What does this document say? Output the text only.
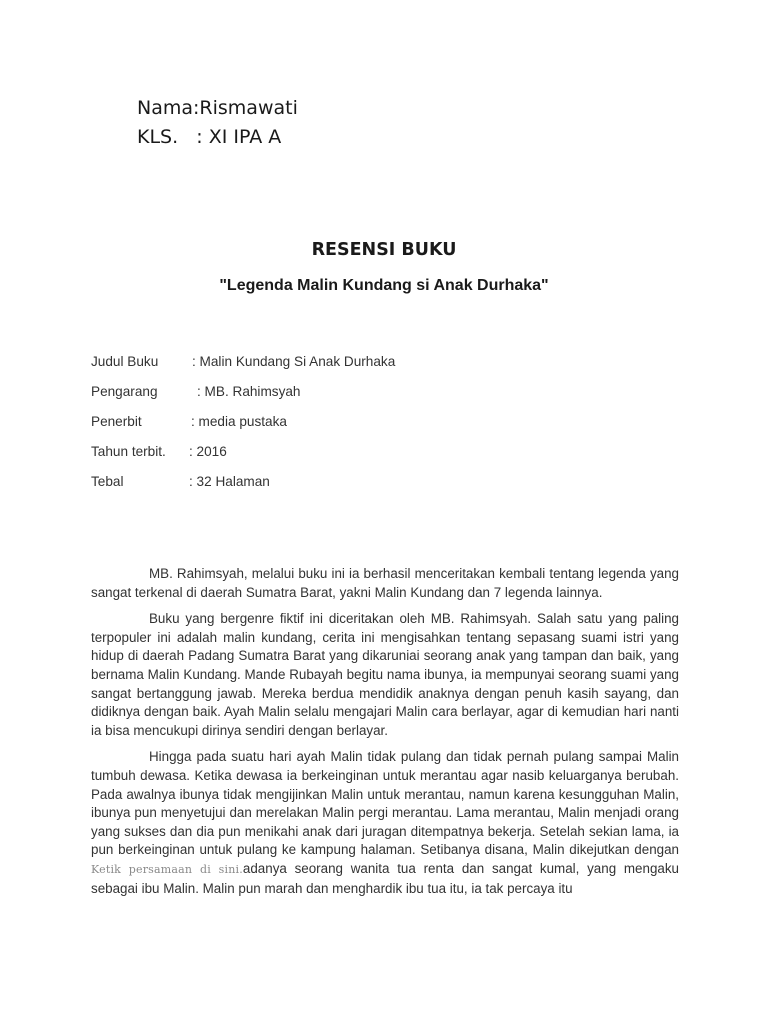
Nama:Rismawati

KLS.   : XI IPA A

RESENSI BUKU
"Legenda Malin Kundang si Anak Durhaka"
Judul Buku : Malin Kundang Si Anak Durhaka
Pengarang	: MB. Rahimsyah
Penerbit	: media pustaka
Tahun terbit. : 2016
Tebal	: 32 Halaman

MB. Rahimsyah, melalui buku ini ia berhasil menceritakan kembali tentang legenda yang sangat terkenal di daerah Sumatra Barat, yakni Malin Kundang dan 7 legenda lainnya.

Buku yang bergenre fiktif ini diceritakan oleh MB. Rahimsyah. Salah satu yang paling terpopuler ini adalah malin kundang, cerita ini mengisahkan tentang sepasang suami istri yang hidup di daerah Padang Sumatra Barat yang dikaruniai seorang anak yang tampan dan baik, yang bernama Malin Kundang. Mande Rubayah begitu nama ibunya, ia mempunyai seorang suami yang sangat bertanggung jawab. Mereka berdua mendidik anaknya dengan penuh kasih sayang, dan didiknya dengan baik. Ayah Malin selalu mengajari Malin cara berlayar, agar di kemudian hari nanti ia bisa mencukupi dirinya sendiri dengan berlayar.

Hingga pada suatu hari ayah Malin tidak pulang dan tidak pernah pulang sampai Malin tumbuh dewasa. Ketika dewasa ia berkeinginan untuk merantau agar nasib keluarganya berubah. Pada awalnya ibunya tidak mengijinkan Malin untuk merantau, namun karena kesungguhan Malin, ibunya pun menyetujui dan merelakan Malin pergi merantau. Lama merantau, Malin menjadi orang yang sukses dan dia pun menikahi anak dari juragan ditempatnya bekerja. Setelah sekian lama, ia pun berkeinginan untuk pulang ke kampung halaman. Setibanya disana, Malin dikejutkan dengan Ketik persamaan di sini.adanya seorang wanita tua renta dan sangat kumal, yang mengaku sebagai ibu Malin. Malin pun marah dan menghardik ibu tua itu, ia tak percaya itu
